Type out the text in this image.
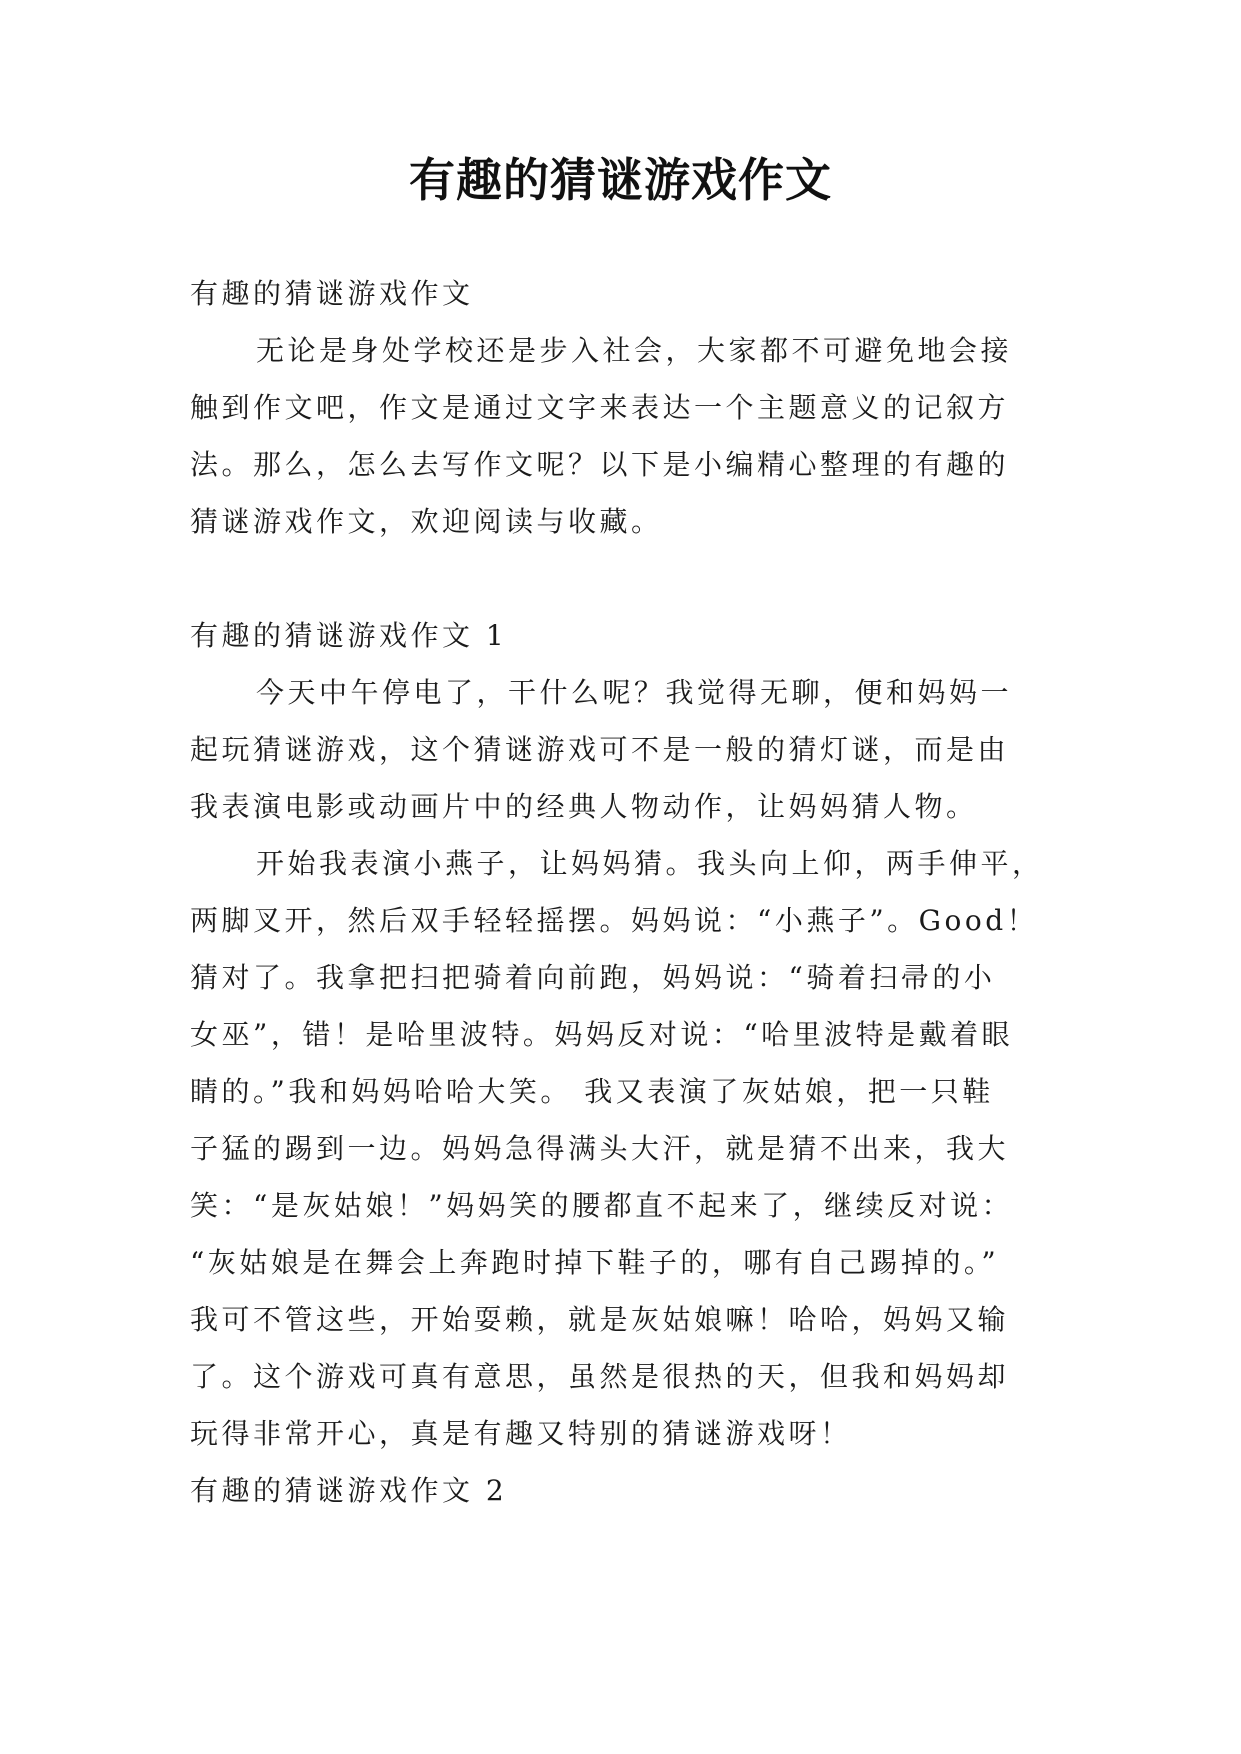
有趣的猜谜游戏作文
有趣的猜谜游戏作文
无论是身处学校还是步入社会，大家都不可避免地会接
触到作文吧，作文是通过文字来表达一个主题意义的记叙方
法。那么，怎么去写作文呢？以下是小编精心整理的有趣的
猜谜游戏作文，欢迎阅读与收藏。
有趣的猜谜游戏作文 1
今天中午停电了，干什么呢？我觉得无聊，便和妈妈一
起玩猜谜游戏，这个猜谜游戏可不是一般的猜灯谜，而是由
我表演电影或动画片中的经典人物动作，让妈妈猜人物。
开始我表演小燕子，让妈妈猜。我头向上仰，两手伸平，
两脚叉开，然后双手轻轻摇摆。妈妈说：“小燕子”。Good！
猜对了。我拿把扫把骑着向前跑，妈妈说：“骑着扫帚的小
女巫”，错！是哈里波特。妈妈反对说：“哈里波特是戴着眼
睛的。”我和妈妈哈哈大笑。 我又表演了灰姑娘，把一只鞋
子猛的踢到一边。妈妈急得满头大汗，就是猜不出来，我大
笑：“是灰姑娘！”妈妈笑的腰都直不起来了，继续反对说：
“灰姑娘是在舞会上奔跑时掉下鞋子的，哪有自己踢掉的。”
我可不管这些，开始耍赖，就是灰姑娘嘛！哈哈，妈妈又输
了。这个游戏可真有意思，虽然是很热的天，但我和妈妈却
玩得非常开心，真是有趣又特别的猜谜游戏呀！
有趣的猜谜游戏作文 2
